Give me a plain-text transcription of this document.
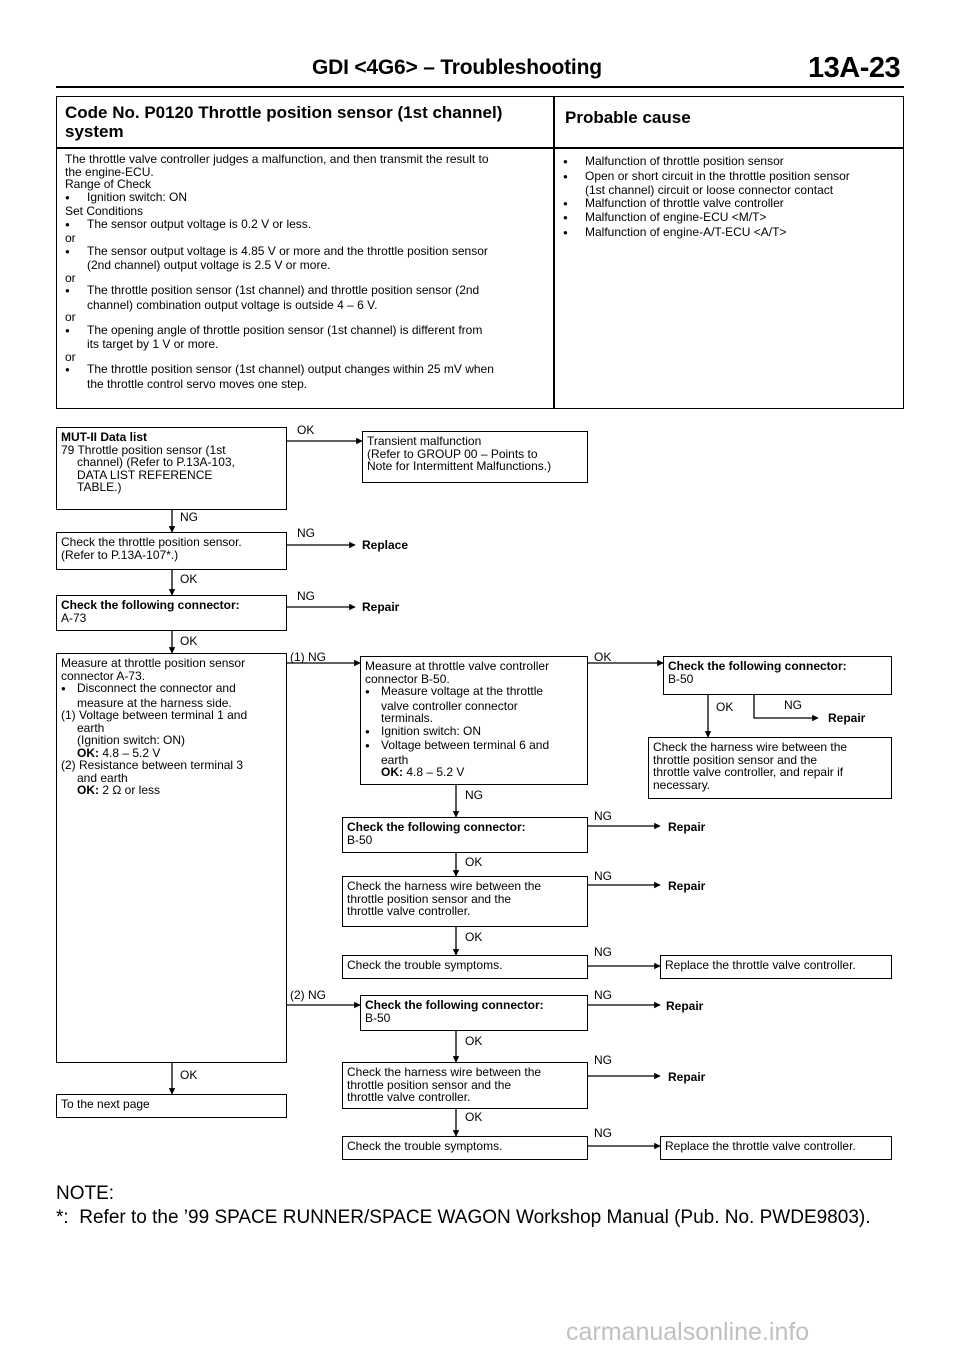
GDI <4G6> – Troubleshooting	13A-23
Code No. P0120 Throttle position sensor (1st channel) system
Probable cause
The throttle valve controller judges a malfunction, and then transmit the result to
the engine-ECU.
Range of Check
● Ignition switch: ON
Set Conditions
● The sensor output voltage is 0.2 V or less.
or
● The sensor output voltage is 4.85 V or more and the throttle position sensor
(2nd channel) output voltage is 2.5 V or more.
or
● The throttle position sensor (1st channel) and throttle position sensor (2nd
channel) combination output voltage is outside 4 – 6 V.
or
● The opening angle of throttle position sensor (1st channel) is different from
its target by 1 V or more.
or
● The throttle position sensor (1st channel) output changes within 25 mV when
the throttle control servo moves one step.
● Malfunction of throttle position sensor
● Open or short circuit in the throttle position sensor
(1st channel) circuit or loose connector contact
● Malfunction of throttle valve controller
● Malfunction of engine-ECU <M/T>
● Malfunction of engine-A/T-ECU <A/T>
MUT-II Data list
79 Throttle position sensor (1st
channel) (Refer to P.13A-103,
DATA LIST REFERENCE
TABLE.)
OK
Transient malfunction
(Refer to GROUP 00 – Points to
Note for Intermittent Malfunctions.)
NG
Check the throttle position sensor.
(Refer to P.13A-107*.)
NG
Replace
OK
Check the following connector:
A-73
NG
Repair
OK
Measure at throttle position sensor
connector A-73.
● Disconnect the connector and
measure at the harness side.
(1) Voltage between terminal 1 and
earth
(Ignition switch: ON)
OK: 4.8 – 5.2 V
(2) Resistance between terminal 3
and earth
OK: 2 Ω or less
(1) NG
Measure at throttle valve controller
connector B-50.
● Measure voltage at the throttle
valve controller connector
terminals.
● Ignition switch: ON
● Voltage between terminal 6 and
earth
OK: 4.8 – 5.2 V
OK
Check the following connector:
B-50
OK	NG
Repair
Check the harness wire between the
throttle position sensor and the
throttle valve controller, and repair if
necessary.
NG
Check the following connector:
B-50
NG
Repair
OK
Check the harness wire between the
throttle position sensor and the
throttle valve controller.
NG
Repair
OK
Check the trouble symptoms.
NG
Replace the throttle valve controller.
(2) NG
Check the following connector:
B-50
NG
Repair
OK
Check the harness wire between the
throttle position sensor and the
throttle valve controller.
NG
Repair
OK
Check the trouble symptoms.
NG
Replace the throttle valve controller.
OK
To the next page
NOTE:
*: Refer to the ’99 SPACE RUNNER/SPACE WAGON Workshop Manual (Pub. No. PWDE9803).
carmanualsonline.info
